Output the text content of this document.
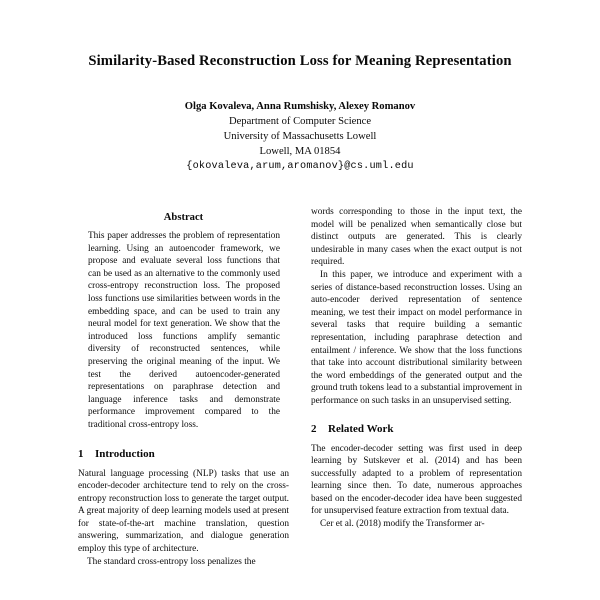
Similarity-Based Reconstruction Loss for Meaning Representation
Olga Kovaleva, Anna Rumshisky, Alexey Romanov
Department of Computer Science
University of Massachusetts Lowell
Lowell, MA 01854
{okovaleva,arum,aromanov}@cs.uml.edu
Abstract

This paper addresses the problem of representation learning. Using an autoencoder framework, we propose and evaluate several loss functions that can be used as an alternative to the commonly used cross-entropy reconstruction loss. The proposed loss functions use similarities between words in the embedding space, and can be used to train any neural model for text generation. We show that the introduced loss functions amplify semantic diversity of reconstructed sentences, while preserving the original meaning of the input. We test the derived autoencoder-generated representations on paraphrase detection and language inference tasks and demonstrate performance improvement compared to the traditional cross-entropy loss.

1	Introduction

Natural language processing (NLP) tasks that use an encoder-decoder architecture tend to rely on the cross-entropy reconstruction loss to generate the target output. A great majority of deep learning models used at present for state-of-the-art machine translation, question answering, summarization, and dialogue generation employ this type of architecture.

The standard cross-entropy loss penalizes the

words corresponding to those in the input text, the model will be penalized when semantically close but distinct outputs are generated. This is clearly undesirable in many cases when the exact output is not required.

In this paper, we introduce and experiment with a series of distance-based reconstruction losses. Using an auto-encoder derived representation of sentence meaning, we test their impact on model performance in several tasks that require building a semantic representation, including paraphrase detection and entailment / inference. We show that the loss functions that take into account distributional similarity between the word embeddings of the generated output and the ground truth tokens lead to a substantial improvement in performance on such tasks in an unsupervised setting.

2	Related Work

The encoder-decoder setting was first used in deep learning by Sutskever et al. (2014) and has been successfully adapted to a problem of representation learning since then. To date, numerous approaches based on the encoder-decoder idea have been suggested for unsupervised feature extraction from textual data.

Cer et al. (2018) modify the Transformer ar-
